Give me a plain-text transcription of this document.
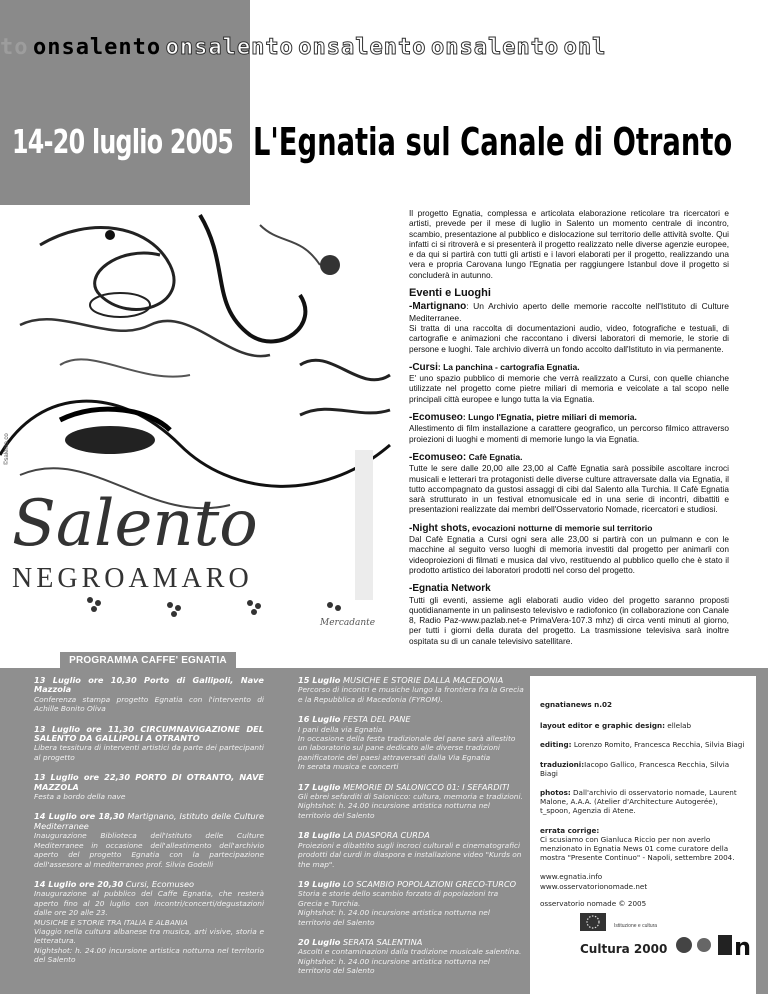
to onsalento onsalento onsalento onsalento onl
14-20 luglio 2005 L'Egnatia sul Canale di Otranto
Salento
NEGROAMARO
Mercadante
©salento.co

Il progetto Egnatia, complessa e articolata elaborazione reticolare tra ricercatori e artisti, prevede per il mese di luglio in Salento un momento centrale di incontro, scambio, presentazione al pubblico e dislocazione sul territorio delle attività svolte. Qui infatti ci si ritroverà e si presenterà il progetto realizzato nelle diverse agenzie europee, e da qui si partirà con tutti gli artisti e i lavori elaborati per il progetto, realizzando una vera e propria Carovana lungo l'Egnatia per raggiungere Istanbul dove il progetto si concluderà in autunno.

Eventi e Luoghi
-Martignano: Un Archivio aperto delle memorie raccolte nell'Istituto di Culture Mediterranee.
Si tratta di una raccolta di documentazioni audio, video, fotografiche e testuali, di cartografie e animazioni che raccontano i diversi laboratori di memorie, le storie di persone e luoghi. Tale archivio diverrà un fondo accolto dall'Istituto in via permanente.
-Cursi: La panchina - cartografia Egnatia.
E' uno spazio pubblico di memorie che verrà realizzato a Cursi, con quelle chianche utilizzate nel progetto come pietre miliari di memoria e veicolate a tal scopo nelle principali città europee e lungo tutta la via Egnatia.
-Ecomuseo: Lungo l'Egnatia, pietre miliari di memoria.
Allestimento di film installazione a carattere geografico, un percorso filmico attraverso proiezioni di luoghi e momenti di memorie lungo la via Egnatia.
-Ecomuseo: Cafè Egnatia.
Tutte le sere dalle 20,00 alle 23,00 al Caffè Egnatia sarà possibile ascoltare incroci musicali e letterari tra protagonisti delle diverse culture attraversate dalla via Egnatia, il tutto accompagnato da gustosi assaggi di cibi dal Salento alla Turchia. Il Cafè Egnatia sarà strutturato in un festival etnomusicale ed in una serie di incontri, dibattiti e presentazioni realizzate dai membri dell'Osservatorio Nomade, ricercatori e studiosi.
-Night shots, evocazioni notturne di memorie sul territorio
Dal Cafè Egnatia a Cursi ogni sera alle 23,00 si partirà con un pulmann e con le macchine al seguito verso luoghi di memoria investiti dal progetto per animarli con videoproiezioni di filmati e musica dal vivo, restituendo al pubblico quello che è stato il prodotto artistico dei laboratori prodotti nel corso del progetto.
-Egnatia Network
Tutti gli eventi, assieme agli elaborati audio video del progetto saranno proposti quotidianamente in un palinsesto televisivo e radiofonico (in collaborazione con Canale 8, Radio Paz-www.pazlab.net-e PrimaVera-107.3 mhz) di circa venti minuti al giorno, per tutti i giorni della durata del progetto. La trasmissione televisiva sarà inoltre ospitata su di un canale televisivo satellitare.
PROGRAMMA CAFFE' EGNATIA
13 Luglio ore 10,30 Porto di Gallipoli, Nave Mazzola
Conferenza stampa progetto Egnatia con l'intervento di Achille Bonito Oliva
13 Luglio ore 11,30 CIRCUMNAVIGAZIONE DEL SALENTO DA GALLIPOLI A OTRANTO
Libera tessitura di interventi artistici da parte dei partecipanti al progetto
13 Luglio ore 22,30 PORTO DI OTRANTO, NAVE MAZZOLA
Festa a bordo della nave
14 Luglio ore 18,30 Martignano, Istituto delle Culture Mediterranee
Inaugurazione Biblioteca dell'Istituto delle Culture Mediterranee in occasione dell'allestimento dell'archivio aperto del progetto Egnatia con la partecipazione dell'assesore al mediterraneo prof. Silvia Godelli
14 Luglio ore 20,30 Cursi, Ecomuseo
Inaugurazione al pubblico del Caffe Egnatia, che resterà aperto fino al 20 luglio con incontri/concerti/degustazioni dalle ore 20 alle 23.
MUSICHE E STORIE TRA ITALIA E ALBANIA
Viaggio nella cultura albanese tra musica, arti visive, storia e letteratura.
Nightshot: h. 24.00 incursione artistica notturna nel territorio del Salento
15 Luglio MUSICHE E STORIE DALLA MACEDONIA
Percorso di incontri e musiche lungo la frontiera fra la Grecia e la Repubblica di Macedonia (FYROM).
16 Luglio FESTA DEL PANE
I pani della via Egnatia
In occasione della festa tradizionale del pane sarà allestito un laboratorio sul pane dedicato alle diverse tradizioni panificatorie dei paesi attraversati dalla Via Egnatia
In serata musica e concerti
17 Luglio MEMORIE DI SALONICCO 01: I SEFARDITI
Gli ebrei sefarditi di Salonicco: cultura, memoria e tradizioni.
Nightshot: h. 24.00 incursione artistica notturna nel territorio del Salento
18 Luglio LA DIASPORA CURDA
Proiezioni e dibattito sugli incroci culturali e cinematografici prodotti dal curdi in diaspora e installazione video "Kurds on the map".
19 Luglio LO SCAMBIO POPOLAZIONI GRECO-TURCO
Storia e storie dello scambio forzato di popolazioni tra Grecia e Turchia.
Nightshot: h. 24.00 incursione artistica notturna nel territorio del Salento
20 Luglio SERATA SALENTINA
Ascolti e contaminazioni dalla tradizione musicale salentina.
Nightshot: h. 24.00 incursione artistica notturna nel territorio del Salento

egnatianews n.02

layout editor e graphic design: ellelab

editing: Lorenzo Romito, Francesca Recchia, Silvia Biagi

traduzioni:Iacopo Gallico, Francesca Recchia, Silvia Biagi

photos: Dall'archivio di osservatorio nomade, Laurent Malone, A.A.A. (Atelier d'Architecture Autogerée), t_spoon, Agenzia di Atene.

errata corrige:
Ci scusiamo con Gianluca Riccio per non averlo menzionato in Egnatia News 01 come curatore della mostra "Presente Continuo" - Napoli, settembre 2004.

www.egnatia.info
www.osservatorionomade.net

osservatorio nomade © 2005

Istituzione e cultura
Cultura 2000	n
